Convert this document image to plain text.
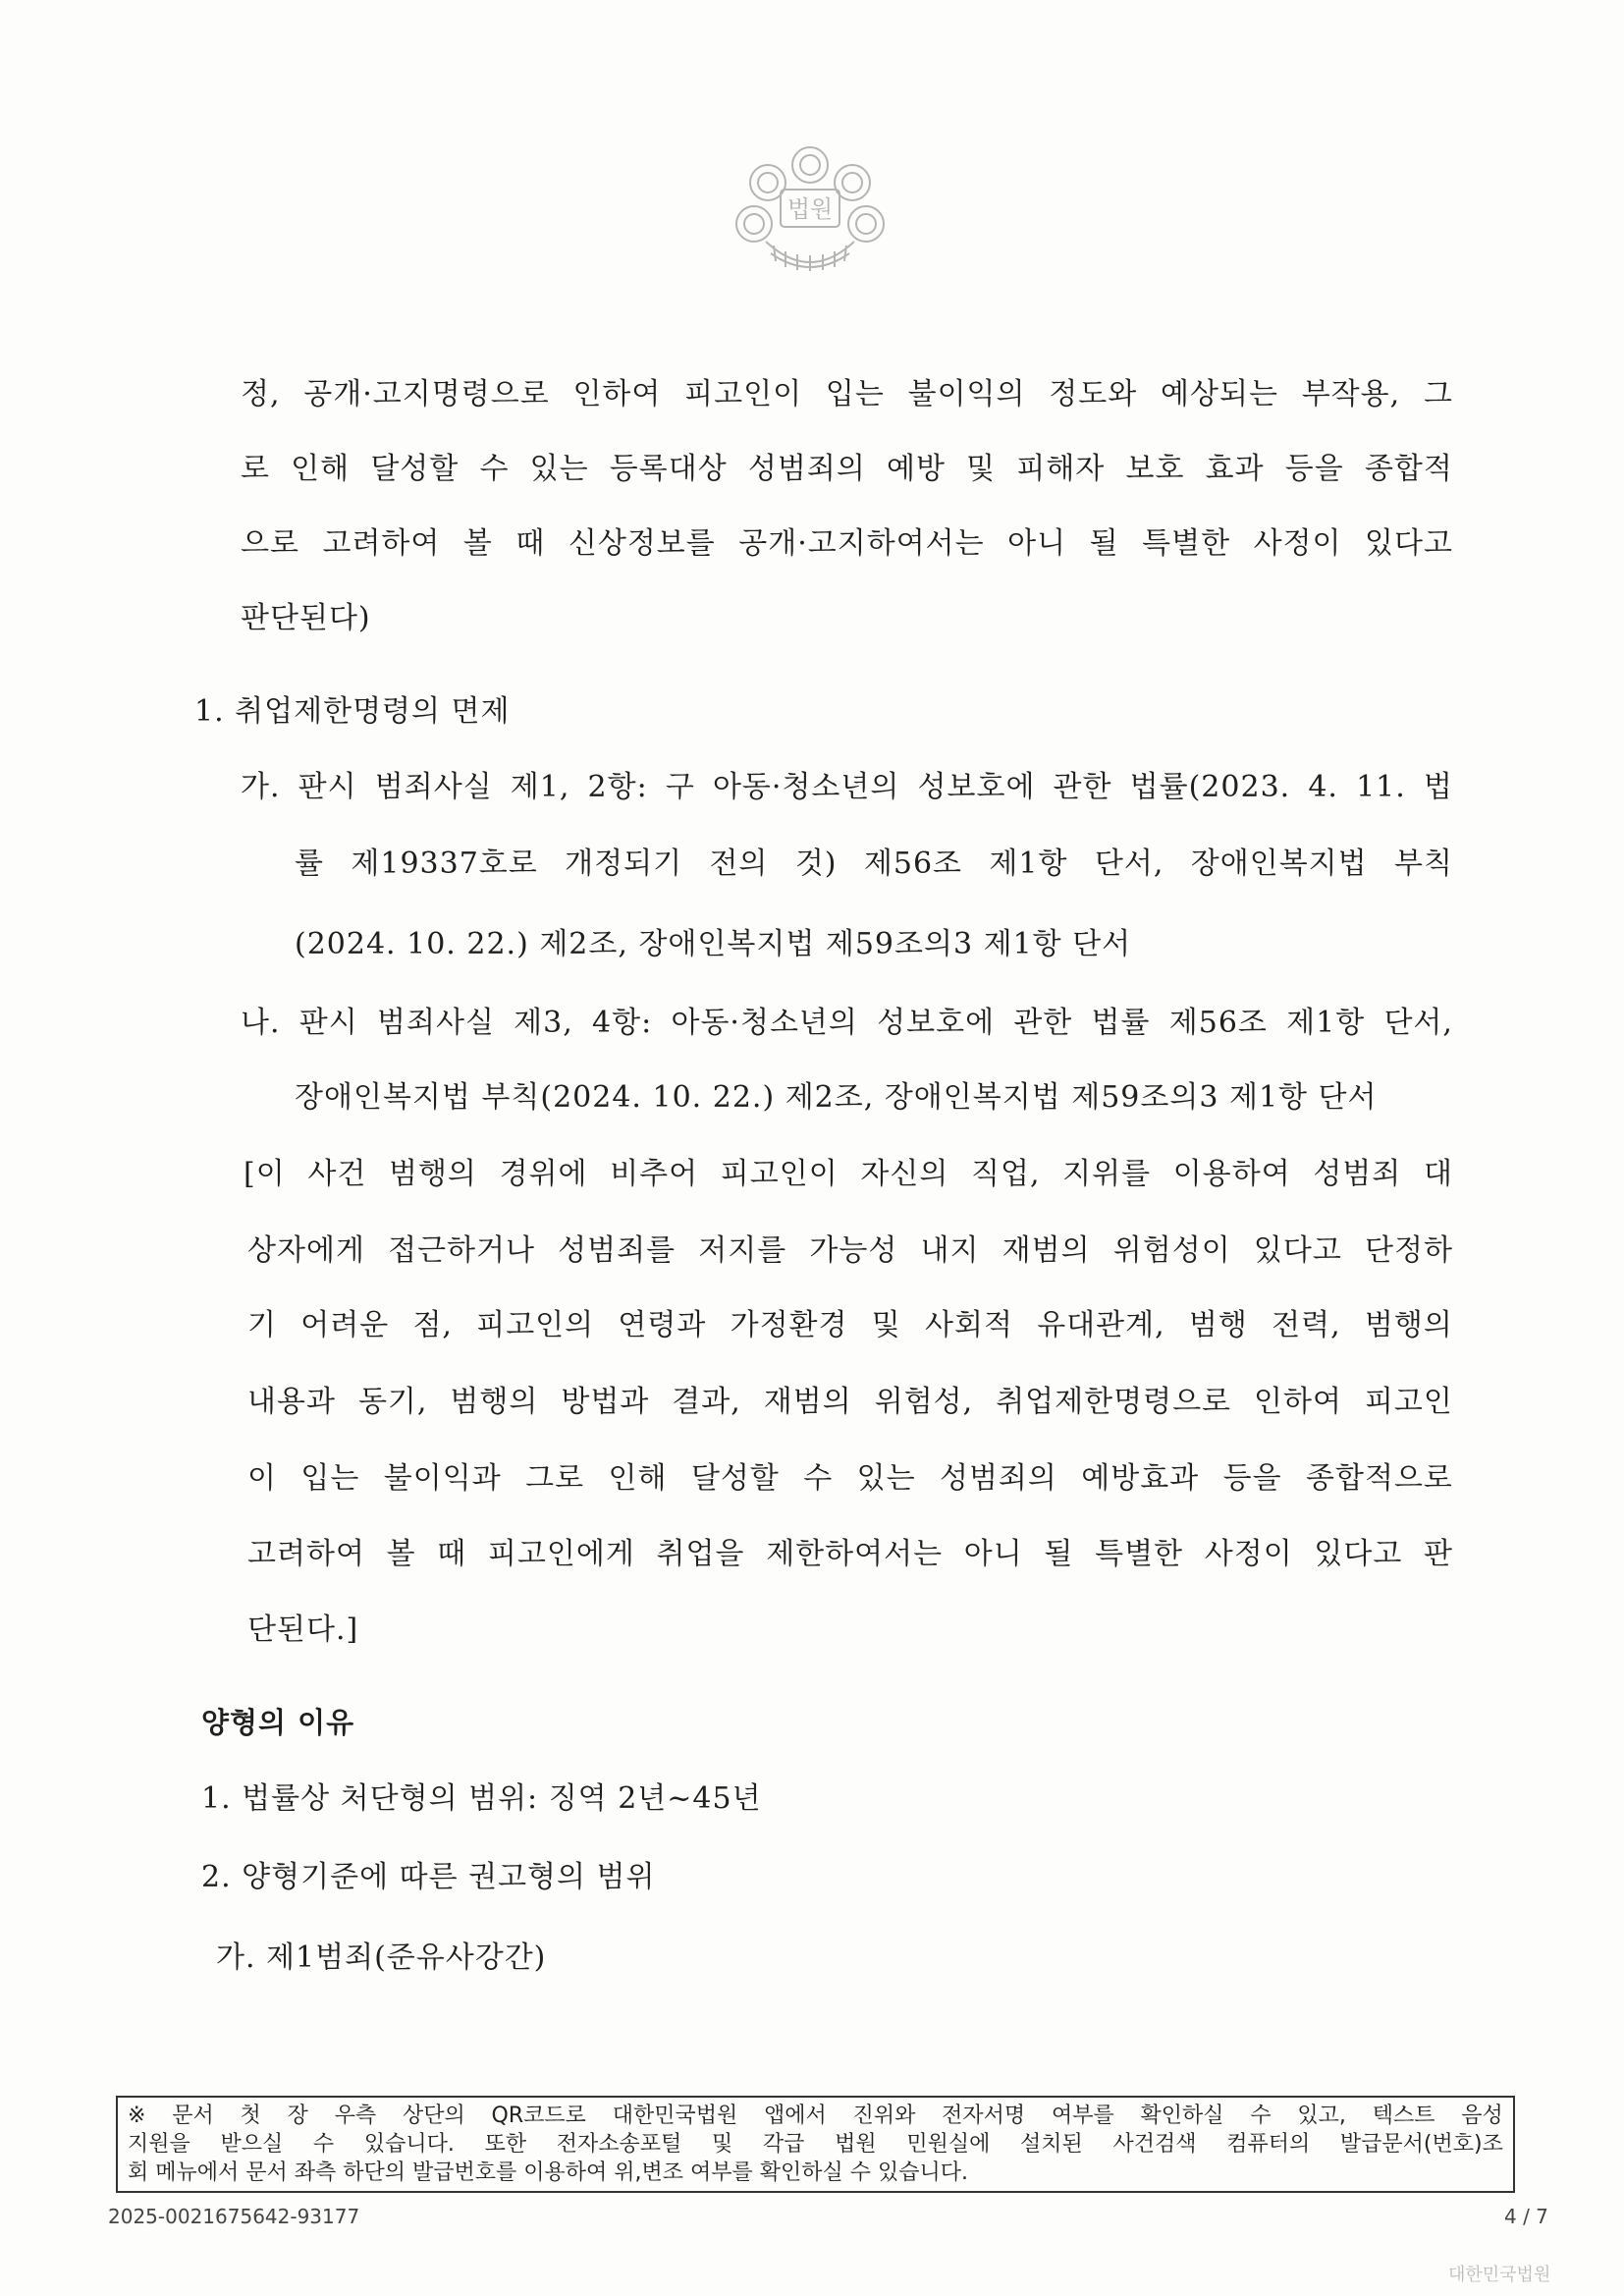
법원
정, 공개·고지명령으로 인하여 피고인이 입는 불이익의 정도와 예상되는 부작용, 그
로 인해 달성할 수 있는 등록대상 성범죄의 예방 및 피해자 보호 효과 등을 종합적
으로 고려하여 볼 때 신상정보를 공개·고지하여서는 아니 될 특별한 사정이 있다고
판단된다)
1. 취업제한명령의 면제
가. 판시 범죄사실 제1, 2항: 구 아동·청소년의 성보호에 관한 법률(2023. 4. 11. 법
률 제19337호로 개정되기 전의 것) 제56조 제1항 단서, 장애인복지법 부칙
(2024. 10. 22.) 제2조, 장애인복지법 제59조의3 제1항 단서
나. 판시 범죄사실 제3, 4항: 아동·청소년의 성보호에 관한 법률 제56조 제1항 단서,
장애인복지법 부칙(2024. 10. 22.) 제2조, 장애인복지법 제59조의3 제1항 단서
[이 사건 범행의 경위에 비추어 피고인이 자신의 직업, 지위를 이용하여 성범죄 대
상자에게 접근하거나 성범죄를 저지를 가능성 내지 재범의 위험성이 있다고 단정하
기 어려운 점, 피고인의 연령과 가정환경 및 사회적 유대관계, 범행 전력, 범행의
내용과 동기, 범행의 방법과 결과, 재범의 위험성, 취업제한명령으로 인하여 피고인
이 입는 불이익과 그로 인해 달성할 수 있는 성범죄의 예방효과 등을 종합적으로
고려하여 볼 때 피고인에게 취업을 제한하여서는 아니 될 특별한 사정이 있다고 판
단된다.]
양형의 이유
1. 법률상 처단형의 범위: 징역 2년~45년
2. 양형기준에 따른 권고형의 범위
가. 제1범죄(준유사강간)
※ 문서 첫 장 우측 상단의 QR코드로 대한민국법원 앱에서 진위와 전자서명 여부를 확인하실 수 있고, 텍스트 음성
지원을 받으실 수 있습니다. 또한 전자소송포털 및 각급 법원 민원실에 설치된 사건검색 컴퓨터의 발급문서(번호)조
회 메뉴에서 문서 좌측 하단의 발급번호를 이용하여 위,변조 여부를 확인하실 수 있습니다.
2025-0021675642-93177	4 / 7
대한민국법원
